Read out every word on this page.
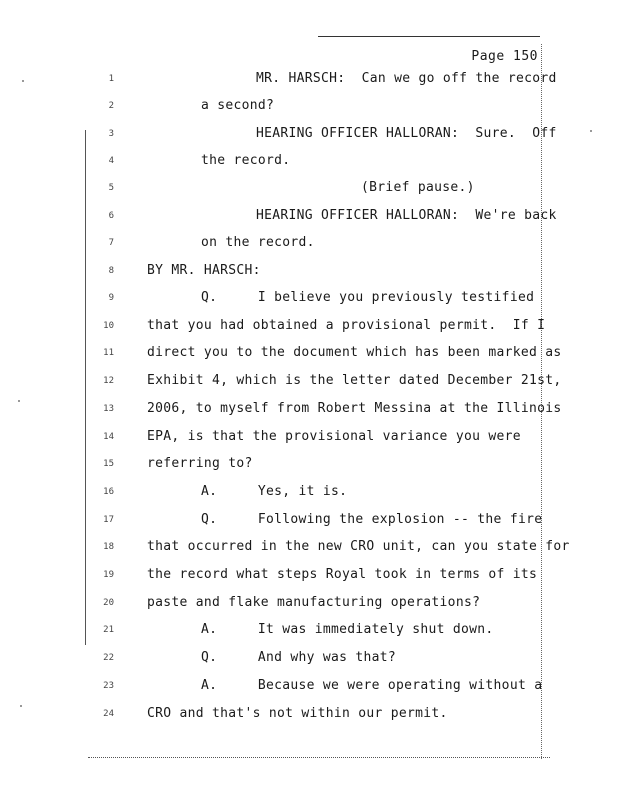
Page 150
1	MR. HARSCH:  Can we go off the record
2	a second?
3	HEARING OFFICER HALLORAN:  Sure.  Off
4	the record.
5	(Brief pause.)
6	HEARING OFFICER HALLORAN:  We're back
7	on the record.
8	BY MR. HARSCH:
9	Q.     I believe you previously testified
10	that you had obtained a provisional permit.  If I
11	direct you to the document which has been marked as
12	Exhibit 4, which is the letter dated December 21st,
13	2006, to myself from Robert Messina at the Illinois
14	EPA, is that the provisional variance you were
15	referring to?
16	A.     Yes, it is.
17	Q.     Following the explosion -- the fire
18	that occurred in the new CRO unit, can you state for
19	the record what steps Royal took in terms of its
20	paste and flake manufacturing operations?
21	A.     It was immediately shut down.
22	Q.     And why was that?
23	A.     Because we were operating without a
24	CRO and that's not within our permit.
